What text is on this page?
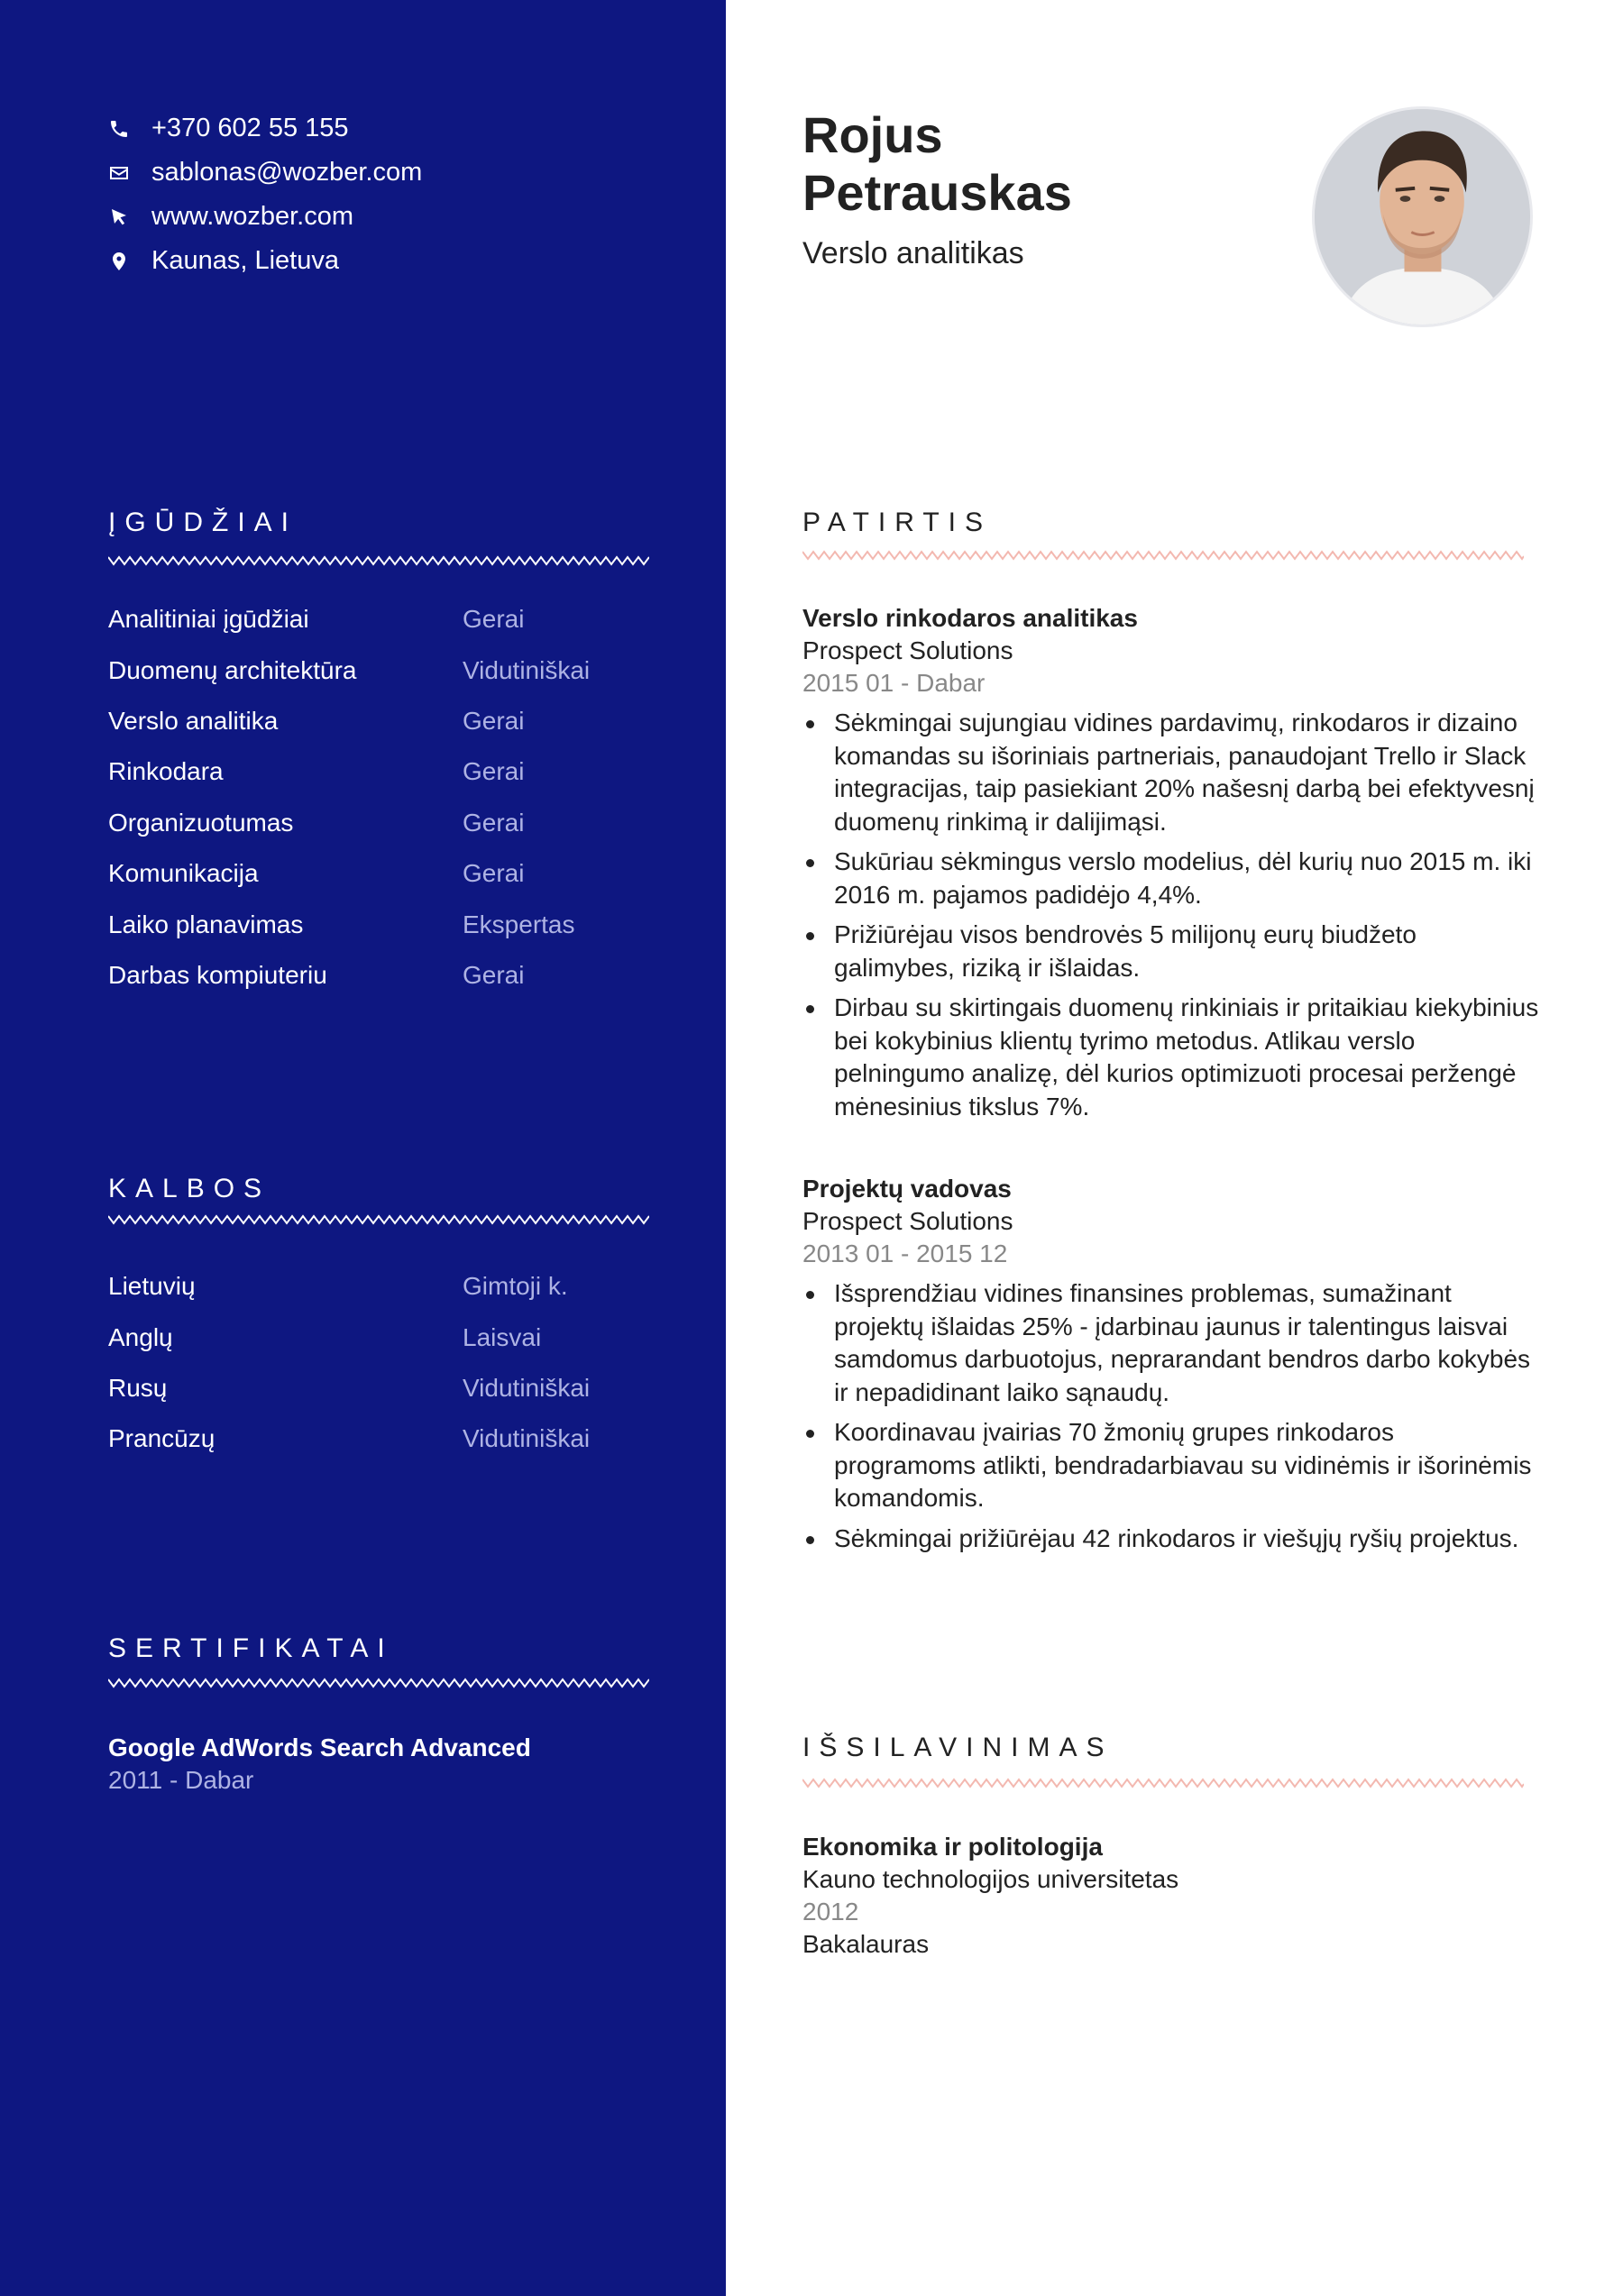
+370 602 55 155
sablonas@wozber.com
www.wozber.com
Kaunas, Lietuva
ĮGŪDŽIAI
Analitiniai įgūdžiai	Gerai
Duomenų architektūra	Vidutiniškai
Verslo analitika	Gerai
Rinkodara	Gerai
Organizuotumas	Gerai
Komunikacija	Gerai
Laiko planavimas	Ekspertas
Darbas kompiuteriu	Gerai
KALBOS
Lietuvių	Gimtoji k.
Anglų	Laisvai
Rusų	Vidutiniškai
Prancūzų	Vidutiniškai
SERTIFIKATAI
Google AdWords Search Advanced
2011 - Dabar
Rojus
Petrauskas
Verslo analitikas
PATIRTIS
Verslo rinkodaros analitikas
Prospect Solutions
2015 01 - Dabar
Sėkmingai sujungiau vidines pardavimų, rinkodaros ir dizaino komandas su išoriniais partneriais, panaudojant Trello ir Slack integracijas, taip pasiekiant 20% našesnį darbą bei efektyvesnį duomenų rinkimą ir dalijimąsi.
Sukūriau sėkmingus verslo modelius, dėl kurių nuo 2015 m. iki 2016 m. pajamos padidėjo 4,4%.
Prižiūrėjau visos bendrovės 5 milijonų eurų biudžeto galimybes, riziką ir išlaidas.
Dirbau su skirtingais duomenų rinkiniais ir pritaikiau kiekybinius bei kokybinius klientų tyrimo metodus. Atlikau verslo pelningumo analizę, dėl kurios optimizuoti procesai peržengė mėnesinius tikslus 7%.
Projektų vadovas
Prospect Solutions
2013 01 - 2015 12
Išsprendžiau vidines finansines problemas, sumažinant projektų išlaidas 25% - įdarbinau jaunus ir talentingus laisvai samdomus darbuotojus, neprarandant bendros darbo kokybės ir nepadidinant laiko sąnaudų.
Koordinavau įvairias 70 žmonių grupes rinkodaros programoms atlikti, bendradarbiavau su vidinėmis ir išorinėmis komandomis.
Sėkmingai prižiūrėjau 42 rinkodaros ir viešųjų ryšių projektus.
IŠSILAVINIMAS
Ekonomika ir politologija
Kauno technologijos universitetas
2012
Bakalauras
